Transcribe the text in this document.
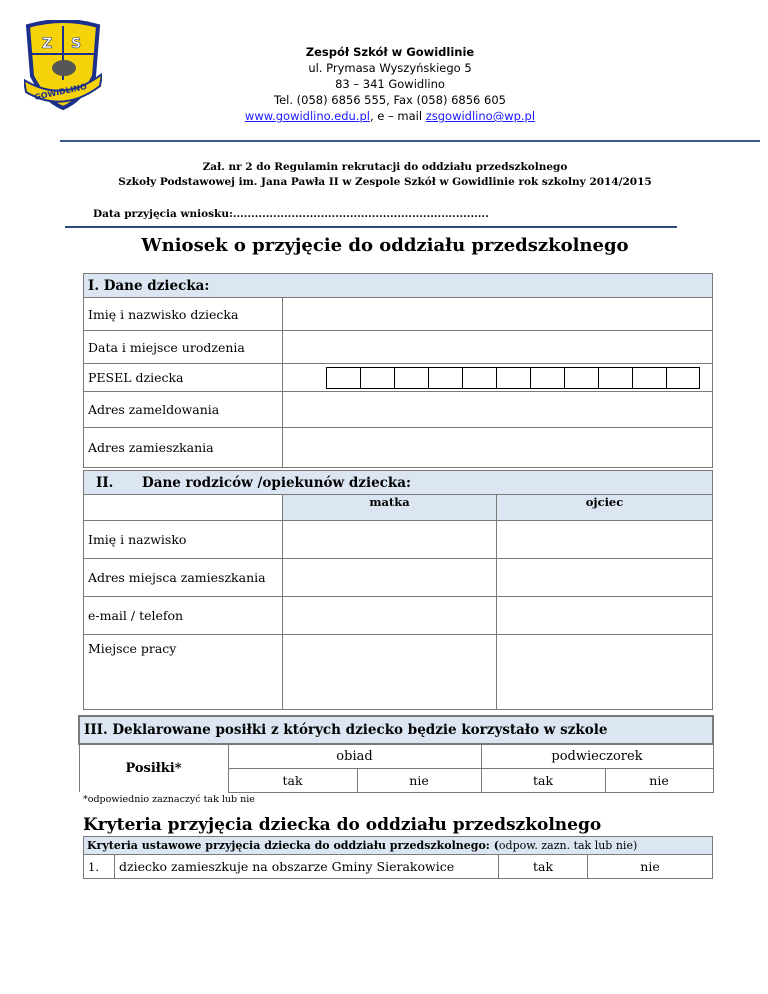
Z S
GOWIDLINO
Zespół Szkół w Gowidlinie
ul. Prymasa Wyszyńskiego 5
83 – 341 Gowidlino
Tel. (058) 6856 555, Fax (058) 6856 605
www.gowidlino.edu.pl, e – mail zsgowidlino@wp.pl
Zał. nr 2 do Regulamin rekrutacji do oddziału przedszkolnego
Szkoły Podstawowej im. Jana Pawła II w Zespole Szkół w Gowidlinie rok szkolny 2014/2015
Data przyjęcia wniosku:......................................................................
Wniosek o przyjęcie do oddziału przedszkolnego
I. Dane dziecka:	
Imię i nazwisko dziecka	
Data i miejsce urodzenia	
PESEL dziecka	

Adres zameldowania	
Adres zamieszkania	
II. Dane rodziców /opiekunów dziecka:		
	matka	ojciec
Imię i nazwisko		
Adres miejsca zamieszkania		
e-mail / telefon		
Miejsce pracy		
III. Deklarowane posiłki z których dziecko będzie korzystało w szkole				
Posiłki*	obiad		podwieczorek	
	tak	nie	tak	nie
*odpowiednio zaznaczyć tak lub nie
Kryteria przyjęcia dziecka do oddziału przedszkolnego
Kryteria ustawowe przyjęcia dziecka do oddziału przedszkolnego: (odpow. zazn. tak lub nie)
1.	dziecko zamieszkuje na obszarze Gminy Sierakowice	tak	nie
